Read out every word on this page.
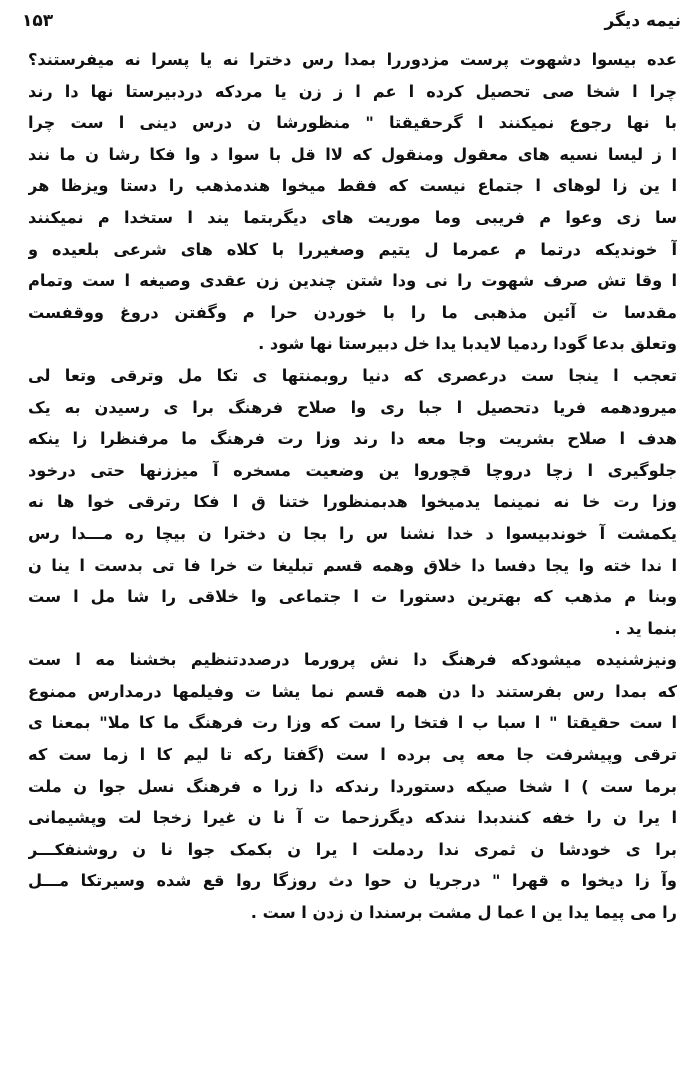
نیمه دیگر
۱۵۳
عده بیسوا دشهوت پرست مزدوررا بمدا رس دخترا نه یا پسرا نه میفرستند؟
چرا ا شخا صی تحصیل کرده ا عم ا ز زن یا مردکه دردبیرستا نها دا رند
با نها رجوع نمیکنند ا گرحقیقتا " منظورشا ن درس دینی ا ست چرا
ا ز لیسا نسیه های معقول ومنقول که لاا قل با سوا د وا فکا رشا ن ما نند
ا ین زا لوهای ا جتماع نیست که فقط میخوا هندمذهب را دستا ویزظا هر
سا زی وعوا م فریبی وما موریت های دیگربتما یند ا ستخدا م نمیکنند
آ خوندیکه درتما م عمرما ل یتیم وصغیررا با کلاه های شرعی بلعیده و
ا وقا تش صرف شهوت را نی ودا شتن چندین زن عقدی وصیغه ا ست وتمام
مقدسا ت آئین مذهبی ما را با خوردن حرا م وگفتن دروغ ووقفست
وتعلق بدعا گودا ردمیا لایدبا یدا خل دبیرستا نها شود .
تعجب ا ینجا ست درعصری که دنیا روبمنتها ی تکا مل وترقی وتعا لی
میرودهمه فریا دتحصیل ا جبا ری وا صلاح فرهنگ برا ی رسیدن به یک
هدف ا صلاح بشریت وجا معه دا رند وزا رت فرهنگ ما مرفنظرا زا ینکه
جلوگیری ا زچا دروچا قچوروا ین وضعیت مسخره آ میززنها حتی درخود
وزا رت خا نه نمینما یدمیخوا هدبمنظورا ختنا ق ا فکا رترقی خوا ها نه
یکمشت آ خوندبیسوا د خدا نشنا س را بجا ن دخترا ن بیچا ره مـــدا رس
ا ندا خته وا یجا دفسا دا خلاق وهمه قسم تبلیغا ت خرا فا تی بدست ا ینا ن
وبنا م مذهب که بهترین دستورا ت ا جتماعی وا خلاقی را شا مل ا ست
بنما ید .
ونیزشنیده میشودکه فرهنگ دا نش پرورما درصددتنظیم بخشنا مه ا ست
که بمدا رس بفرستند دا دن همه قسم نما یشا ت وفیلمها درمدارس ممنوع
ا ست حقیقتا " ا سبا ب ا فتخا را ست که وزا رت فرهنگ ما کا ملا" بمعنا ی
ترقی وپیشرفت جا معه پی برده ا ست (گفتا رکه تا لیم کا ا زما ست که
برما ست ) ا شخا صیکه دستوردا رندکه دا زرا ه فرهنگ نسل جوا ن ملت
ا یرا ن را خفه کنندبدا نندکه دیگرزحما ت آ نا ن غیرا زخجا لت وپشیمانی
برا ی خودشا ن ثمری ندا ردملت ا یرا ن بکمک جوا نا ن روشنفکـــر
وآ زا دیخوا ه قهرا " درجریا ن حوا دث روزگا روا قع شده وسیرتکا مـــل
را می پیما یدا ین ا عما ل مشت برسندا ن زدن ا ست .
